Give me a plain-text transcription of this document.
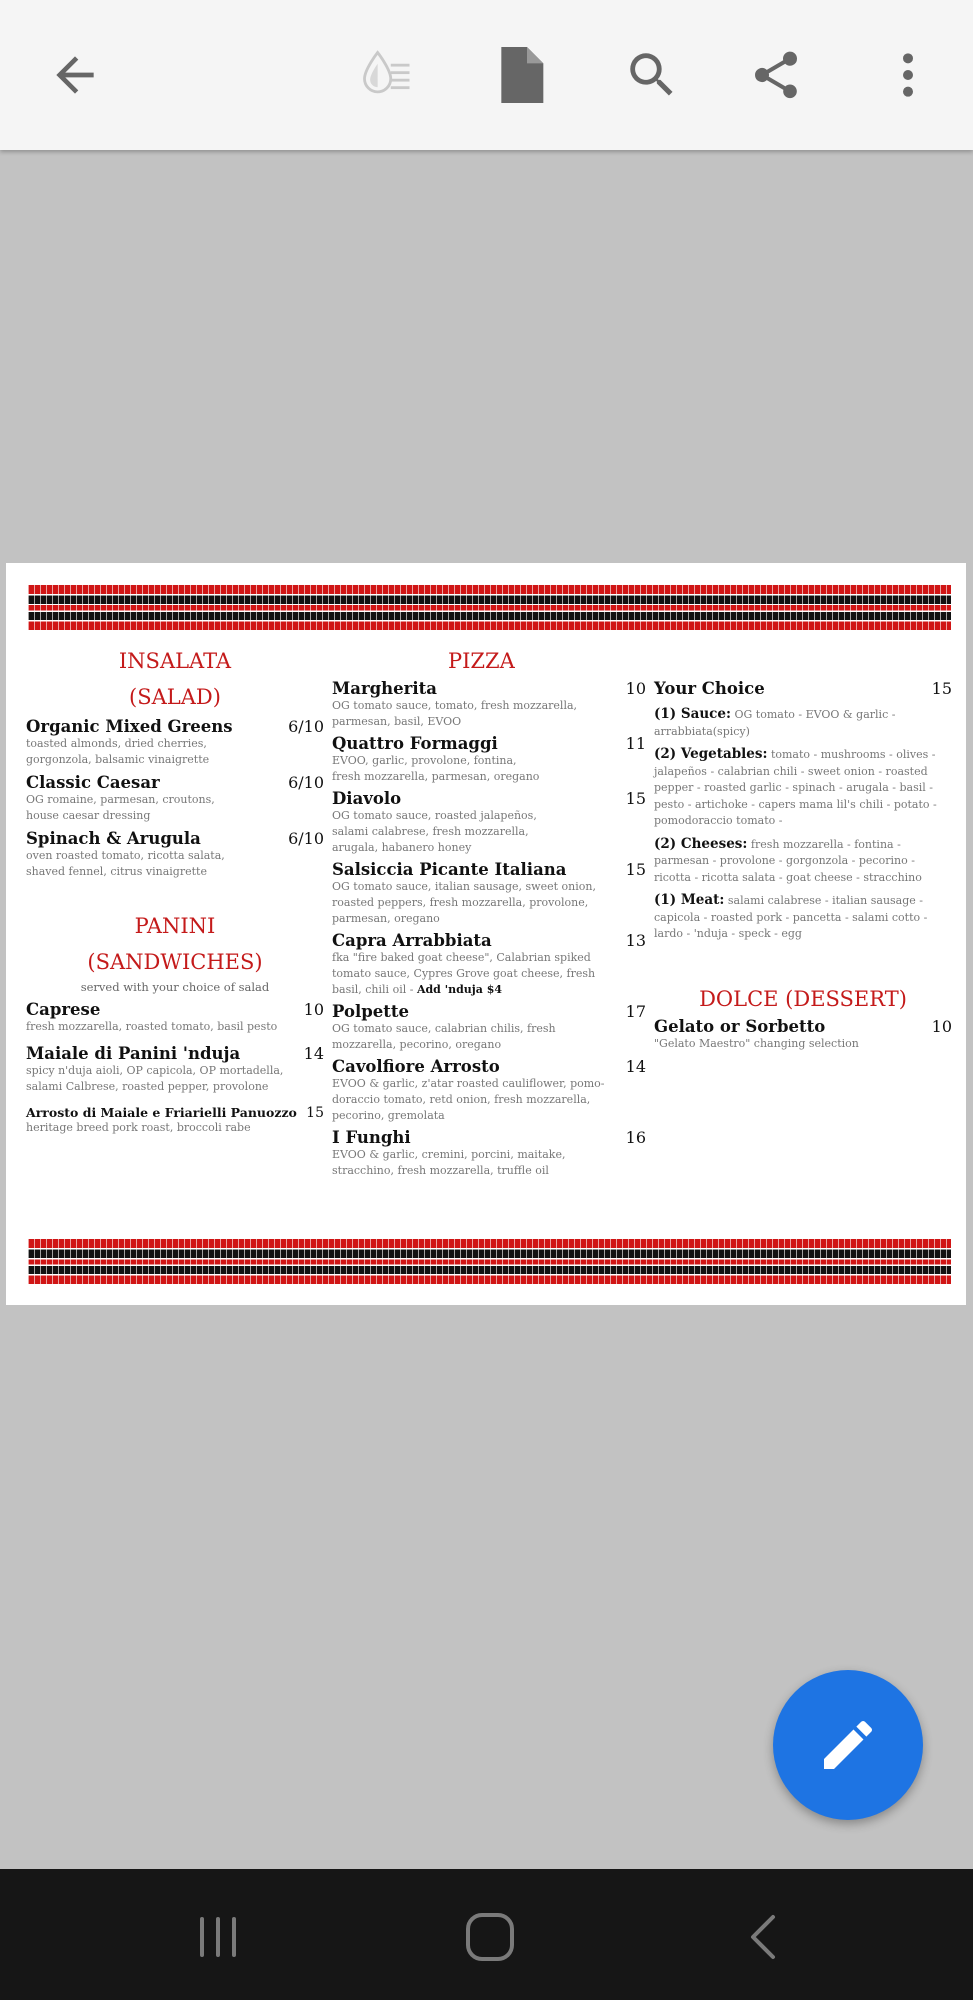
INSALATA
(SALAD)
Organic Mixed Greens	6/10
toasted almonds, dried cherries,
gorgonzola, balsamic vinaigrette
Classic Caesar	6/10
OG romaine, parmesan, croutons,
house caesar dressing
Spinach & Arugula	6/10
oven roasted tomato, ricotta salata,
shaved fennel, citrus vinaigrette
PANINI
(SANDWICHES)
served with your choice of salad
Caprese	10
fresh mozzarella, roasted tomato, basil pesto
Maiale di Panini 'nduja	14
spicy n'duja aioli, OP capicola, OP mortadella,
salami Calbrese, roasted pepper, provolone
Arrosto di Maiale e Friarielli Panuozzo 15
heritage breed pork roast, broccoli rabe
PIZZA
Margherita	10
OG tomato sauce, tomato, fresh mozzarella,
parmesan, basil, EVOO
Quattro Formaggi	11
EVOO, garlic, provolone, fontina,
fresh mozzarella, parmesan, oregano
Diavolo	15
OG tomato sauce, roasted jalapeños,
salami calabrese, fresh mozzarella,
arugala, habanero honey
Salsiccia Picante Italiana	15
OG tomato sauce, italian sausage, sweet onion,
roasted peppers, fresh mozzarella, provolone,
parmesan, oregano
Capra Arrabbiata	13
fka "fire baked goat cheese", Calabrian spiked
tomato sauce, Cypres Grove goat cheese, fresh
basil, chili oil - Add 'nduja $4
Polpette	17
OG tomato sauce, calabrian chilis, fresh
mozzarella, pecorino, oregano
Cavolfiore Arrosto	14
EVOO & garlic, z'atar roasted cauliflower, pomo-
doraccio tomato, retd onion, fresh mozzarella,
pecorino, gremolata
I Funghi	16
EVOO & garlic, cremini, porcini, maitake,
stracchino, fresh mozzarella, truffle oil
Your Choice	15
(1) Sauce: OG tomato - EVOO & garlic - arrabbiata(spicy)
(2) Vegetables: tomato - mushrooms - olives - jalapeños - calabrian chili - sweet onion - roasted pepper - roasted garlic - spinach - arugala - basil - pesto - artichoke - capers mama lil's chili - potato - pomodoraccio tomato -
(2) Cheeses: fresh mozzarella - fontina - parmesan - provolone - gorgonzola - pecorino - ricotta - ricotta salata - goat cheese - stracchino
(1) Meat: salami calabrese - italian sausage - capicola - roasted pork - pancetta - salami cotto - lardo - 'nduja - speck - egg
DOLCE (DESSERT)
Gelato or Sorbetto	10
"Gelato Maestro" changing selection
